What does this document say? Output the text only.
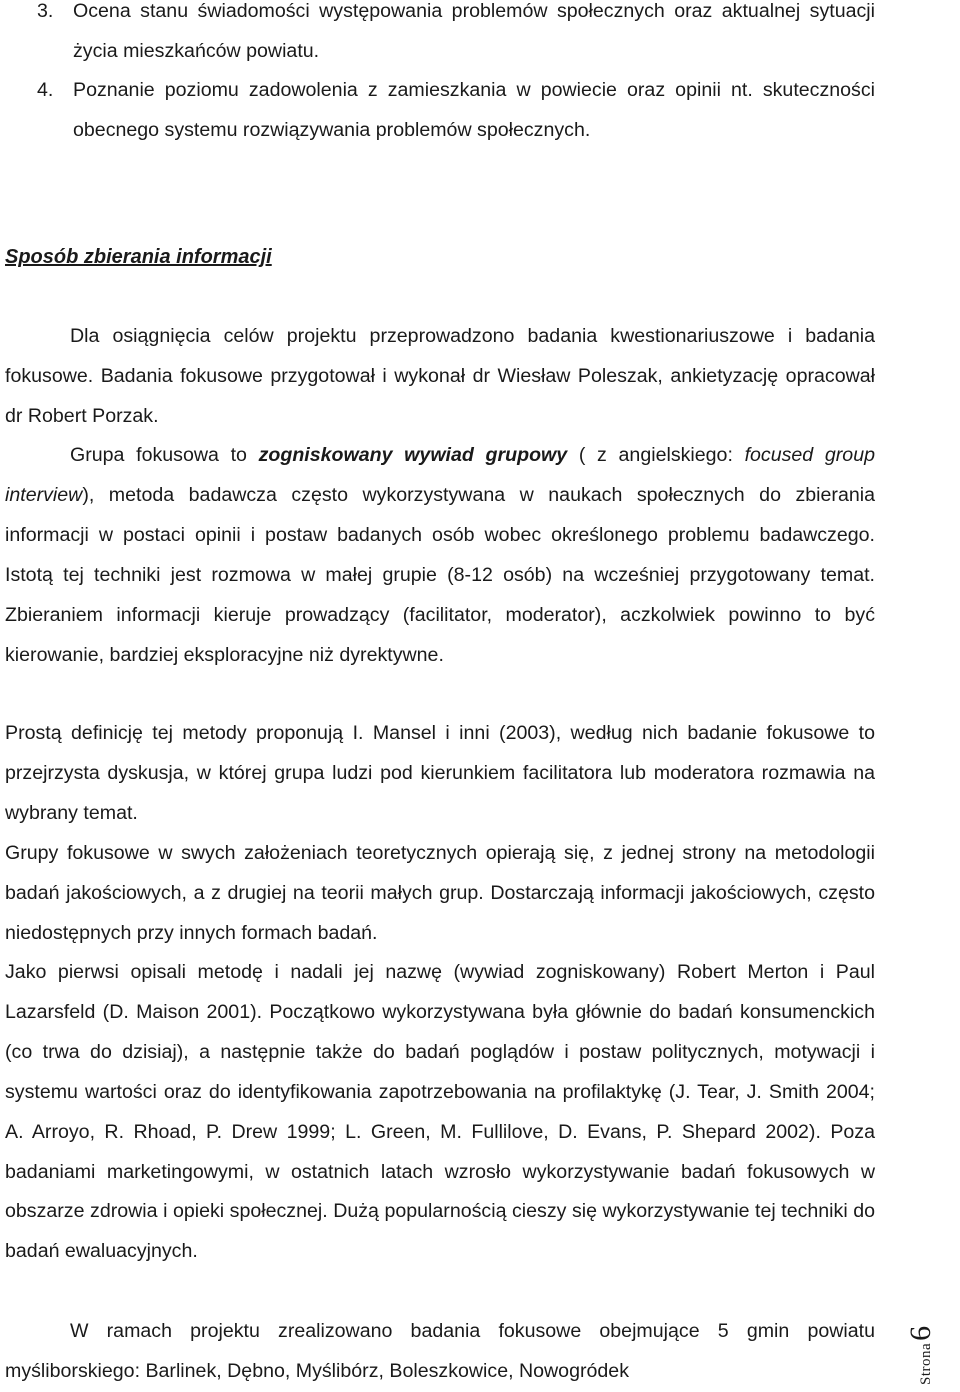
3. Ocena stanu świadomości występowania problemów społecznych oraz aktualnej sytuacji życia mieszkańców powiatu.
4. Poznanie poziomu zadowolenia z zamieszkania w powiecie oraz opinii nt. skuteczności obecnego systemu rozwiązywania problemów społecznych.
Sposób zbierania informacji

Dla osiągnięcia celów projektu przeprowadzono badania kwestionariuszowe i badania fokusowe. Badania fokusowe przygotował i wykonał dr Wiesław Poleszak, ankietyzację opracował dr Robert Porzak.

Grupa fokusowa to zogniskowany wywiad grupowy ( z angielskiego: focused group interview), metoda badawcza często wykorzystywana w naukach społecznych do zbierania informacji w postaci opinii i postaw badanych osób wobec określonego problemu badawczego. Istotą tej techniki jest rozmowa w małej grupie (8-12 osób) na wcześniej przygotowany temat. Zbieraniem informacji kieruje prowadzący (facilitator, moderator), aczkolwiek powinno to być kierowanie, bardziej eksploracyjne niż dyrektywne.

Prostą definicję tej metody proponują I. Mansel i inni (2003), według nich badanie fokusowe to przejrzysta dyskusja, w której grupa ludzi pod kierunkiem facilitatora lub moderatora rozmawia na wybrany temat.

Grupy fokusowe w swych założeniach teoretycznych opierają się, z jednej strony na metodologii badań jakościowych, a z drugiej na teorii małych grup. Dostarczają informacji jakościowych, często niedostępnych przy innych formach badań.

Jako pierwsi opisali metodę i nadali jej nazwę (wywiad zogniskowany) Robert Merton i Paul Lazarsfeld (D. Maison 2001). Początkowo wykorzystywana była głównie do badań konsumenckich (co trwa do dzisiaj), a następnie także do badań poglądów i postaw politycznych, motywacji i systemu wartości oraz do identyfikowania zapotrzebowania na profilaktykę (J. Tear, J. Smith 2004; A. Arroyo, R. Rhoad, P. Drew 1999; L. Green, M. Fullilove, D. Evans, P. Shepard 2002). Poza badaniami marketingowymi, w ostatnich latach wzrosło wykorzystywanie badań fokusowych w obszarze zdrowia i opieki społecznej. Dużą popularnością cieszy się wykorzystywanie tej techniki do badań ewaluacyjnych.

W ramach projektu zrealizowano badania fokusowe obejmujące 5 gmin powiatu myśliborskiego: Barlinek, Dębno, Myślibórz, Boleszkowice, Nowogródek	Strona6
